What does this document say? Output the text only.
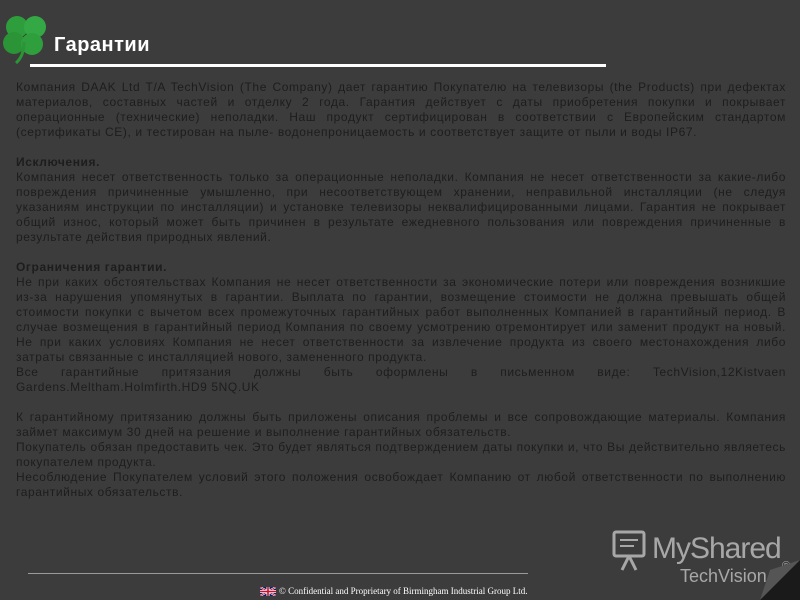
Гарантии

Компания DAAK Ltd T/A TechVision (The Company) дает гарантию Покупателю на телевизоры (the Products) при дефектах материалов, составных частей и отделку 2 года. Гарантия действует с даты приобретения покупки и покрывает операционные (технические) неполадки. Наш продукт сертифицирован в соответствии с Европейским стандартом (сертификаты CE), и тестирован на пыле- водонепроницаемость и соответствует защите от пыли и воды IP67.

Исключения.

Компания несет ответственность только за операционные неполадки. Компания не несет ответственности за какие-либо повреждения причиненные умышленно, при несоответствующем хранении, неправильной инсталляции (не следуя указаниям инструкции по инсталляции) и установке телевизоры неквалифицированными лицами. Гарантия не покрывает общий износ, который может быть причинен в результате ежедневного пользования или повреждения причиненные в результате действия природных явлений.

Ограничения гарантии.

Не при каких обстоятельствах Компания не несет ответственности за экономические потери или повреждения возникшие из-за нарушения упомянутых в гарантии. Выплата по гарантии, возмещение стоимости не должна превышать общей стоимости покупки с вычетом всех промежуточных гарантийных работ выполненных Компанией в гарантийный период. В случае возмещения в гарантийный период Компания по своему усмотрению отремонтирует или заменит продукт на новый. Не при каких условиях Компания не несет ответственности за извлечение продукта из своего местонахождения либо затраты связанные с инсталляцией нового, замененного продукта.

Все гарантийные притязания должны быть оформлены в письменном виде: TechVision,12Kistvaen Gardens.Meltham.Holmfirth.HD9 5NQ.UK

К гарантийному притязанию должны быть приложены описания проблемы и все сопровождающие материалы. Компания займет максимум 30 дней на решение и выполнение гарантийных обязательств.

Покупатель обязан предоставить чек. Это будет являться подтверждением даты покупки и, что Вы действительно являетесь покупателем продукта.

Несоблюдение Покупателем условий этого положения освобождает Компанию от любой ответственности по выполнению гарантийных обязательств.

MyShared
TechVision
© Confidential and Proprietary of Birmingham Industrial Group Ltd.
